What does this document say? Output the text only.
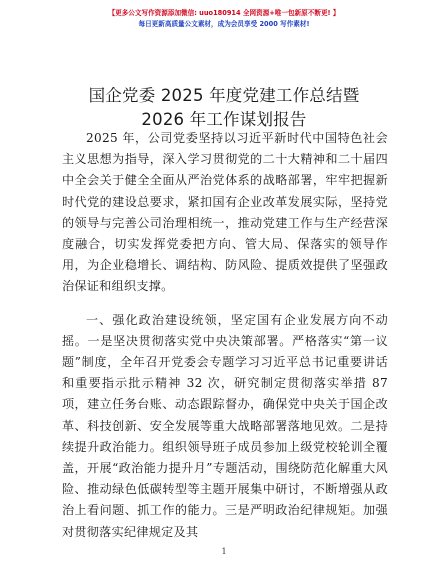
【更多公文写作资源添加微信: uuo180914 全网资源+唯一包新原不断更! 】
每日更新高质量公文素材，成为会员享受 2000 写作素材!
国企党委 2025 年度党建工作总结暨 2026 年工作谋划报告

2025 年，公司党委坚持以习近平新时代中国特色社会主义思想为指导，深入学习贯彻党的二十大精神和二十届四中全会关于健全全面从严治党体系的战略部署，牢牢把握新时代党的建设总要求，紧扣国有企业改革发展实际，坚持党的领导与完善公司治理相统一，推动党建工作与生产经营深度融合，切实发挥党委把方向、管大局、保落实的领导作用，为企业稳增长、调结构、防风险、提质效提供了坚强政治保证和组织支撑。

一、强化政治建设统领，坚定国有企业发展方向不动摇。一是坚决贯彻落实党中央决策部署。严格落实“第一议题”制度，全年召开党委会专题学习习近平总书记重要讲话和重要指示批示精神 32 次，研究制定贯彻落实举措 87 项，建立任务台账、动态跟踪督办，确保党中央关于国企改革、科技创新、安全发展等重大战略部署落地见效。二是持续提升政治能力。组织领导班子成员参加上级党校轮训全覆盖，开展“政治能力提升月”专题活动，围绕防范化解重大风险、推动绿色低碳转型等主题开展集中研讨，不断增强从政治上看问题、抓工作的能力。三是严明政治纪律规矩。加强对贯彻落实纪律规定及其

1
